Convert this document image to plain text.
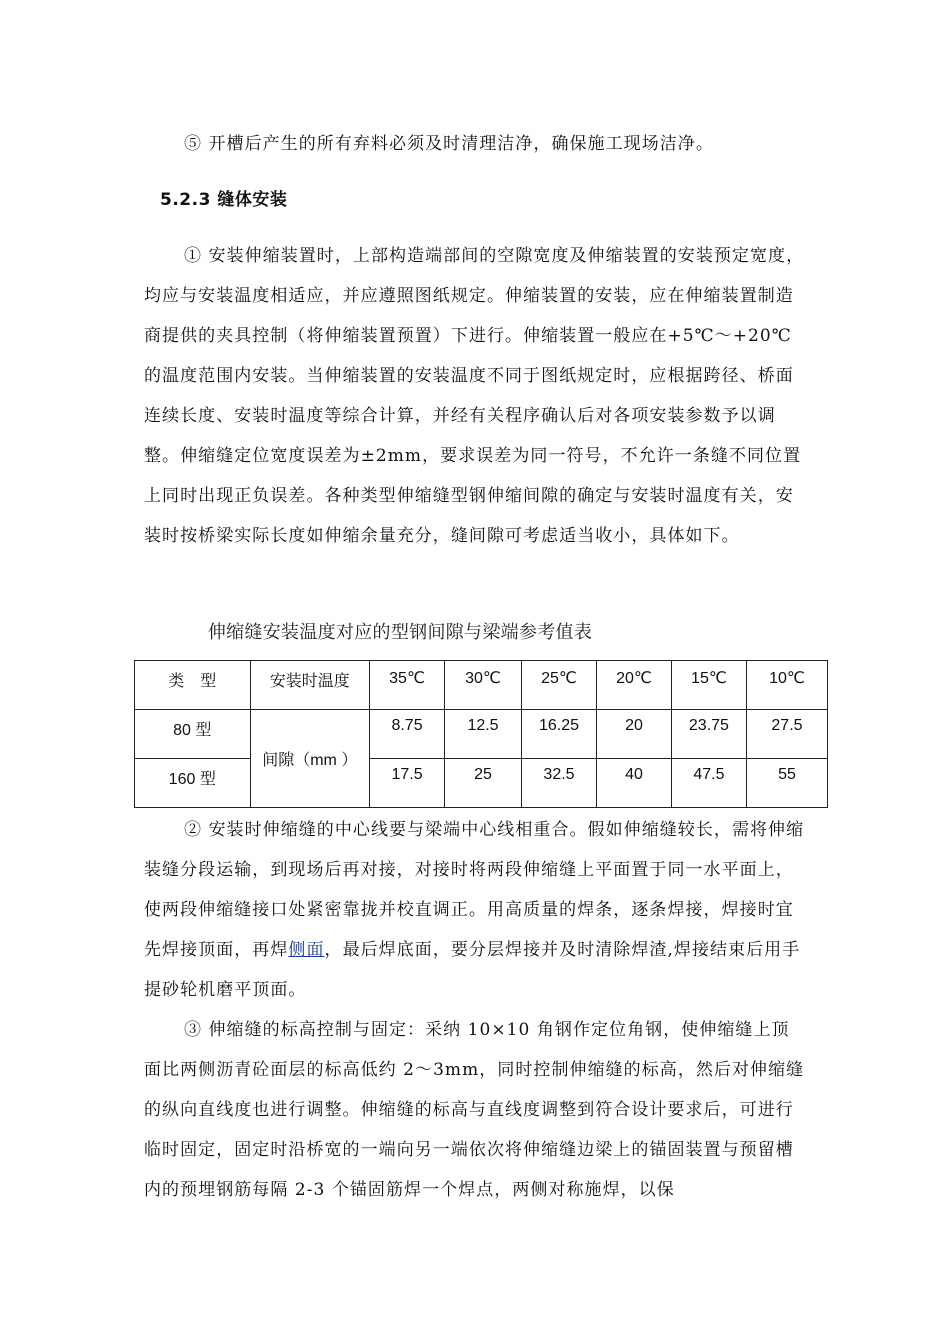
⑤ 开槽后产生的所有弃料必须及时清理洁净，确保施工现场洁净。

5.2.3 缝体安装

① 安装伸缩装置时，上部构造端部间的空隙宽度及伸缩装置的安装预定宽度，均应与安装温度相适应，并应遵照图纸规定。伸缩装置的安装，应在伸缩装置制造商提供的夹具控制（将伸缩装置预置）下进行。伸缩装置一般应在+5℃～+20℃的温度范围内安装。当伸缩装置的安装温度不同于图纸规定时，应根据跨径、桥面连续长度、安装时温度等综合计算，并经有关程序确认后对各项安装参数予以调整。伸缩缝定位宽度误差为±2mm，要求误差为同一符号，不允许一条缝不同位置上同时出现正负误差。各种类型伸缩缝型钢伸缩间隙的确定与安装时温度有关，安装时按桥梁实际长度如伸缩余量充分，缝间隙可考虑适当收小，具体如下。

伸缩缝安装温度对应的型钢间隙与梁端参考值表
类　型	安装时温度	35℃	30℃	25℃	20℃	15℃	10℃
80 型	间隙（mm ）	8.75	12.5	16.25	20	23.75	27.5
160 型		17.5	25	32.5	40	47.5	55

② 安装时伸缩缝的中心线要与梁端中心线相重合。假如伸缩缝较长，需将伸缩装缝分段运输，到现场后再对接，对接时将两段伸缩缝上平面置于同一水平面上，使两段伸缩缝接口处紧密靠拢并校直调正。用高质量的焊条，逐条焊接，焊接时宜先焊接顶面，再焊侧面，最后焊底面，要分层焊接并及时清除焊渣,焊接结束后用手提砂轮机磨平顶面。

③ 伸缩缝的标高控制与固定：采纳 10×10 角钢作定位角钢，使伸缩缝上顶面比两侧沥青砼面层的标高低约 2～3mm，同时控制伸缩缝的标高，然后对伸缩缝的纵向直线度也进行调整。伸缩缝的标高与直线度调整到符合设计要求后，可进行临时固定，固定时沿桥宽的一端向另一端依次将伸缩缝边梁上的锚固装置与预留槽内的预埋钢筋每隔 2-3 个锚固筋焊一个焊点，两侧对称施焊，以保
